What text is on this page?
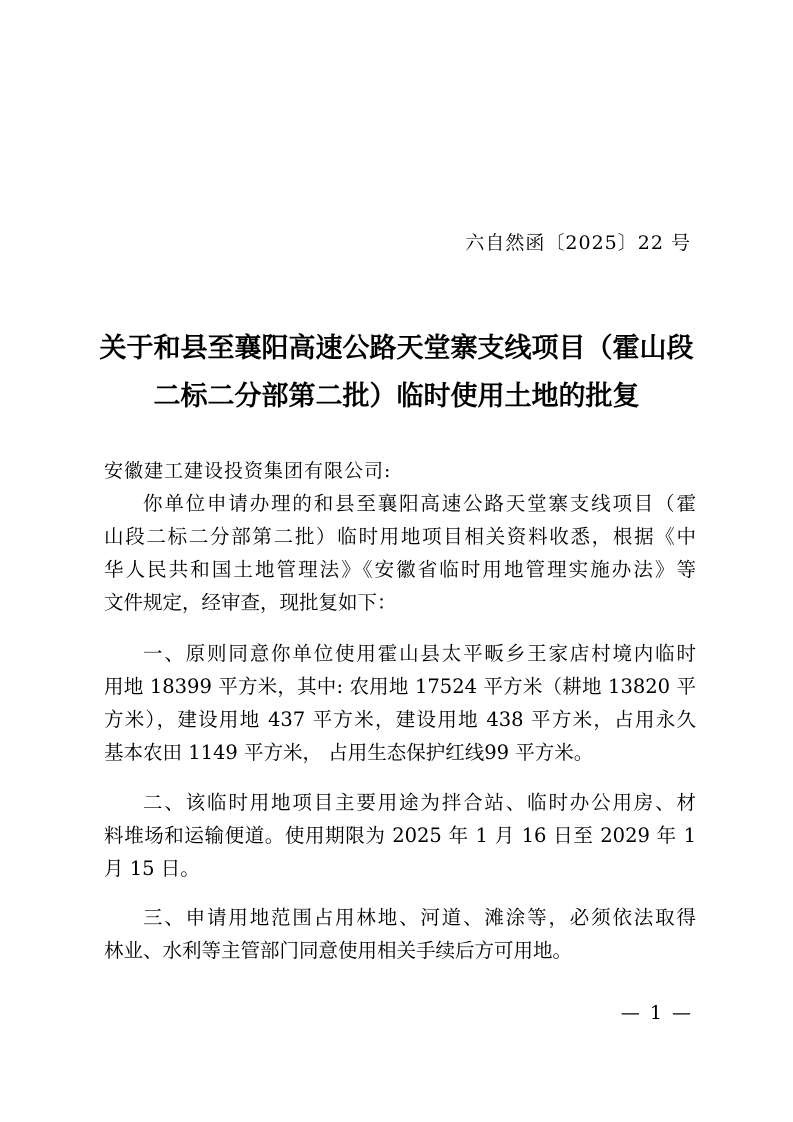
六自然函〔2025〕22 号
关于和县至襄阳高速公路天堂寨支线项目（霍山段
二标二分部第二批）临时使用土地的批复
安徽建工建设投资集团有限公司:
你单位申请办理的和县至襄阳高速公路天堂寨支线项目（霍
山段二标二分部第二批）临时用地项目相关资料收悉，根据《中
华人民共和国土地管理法》《安徽省临时用地管理实施办法》等
文件规定，经审查，现批复如下：
一、原则同意你单位使用霍山县太平畈乡王家店村境内临时
用地 18399 平方米，其中: 农用地 17524 平方米（耕地 13820 平
方米），建设用地 437 平方米，建设用地 438 平方米，占用永久
基本农田 1149 平方米， 占用生态保护红线99 平方米。
二、该临时用地项目主要用途为拌合站、临时办公用房、材
料堆场和运输便道。使用期限为 2025 年 1 月 16 日至 2029 年 1
月 15 日。
三、申请用地范围占用林地、河道、滩涂等，必须依法取得
林业、水利等主管部门同意使用相关手续后方可用地。
— 1 —
